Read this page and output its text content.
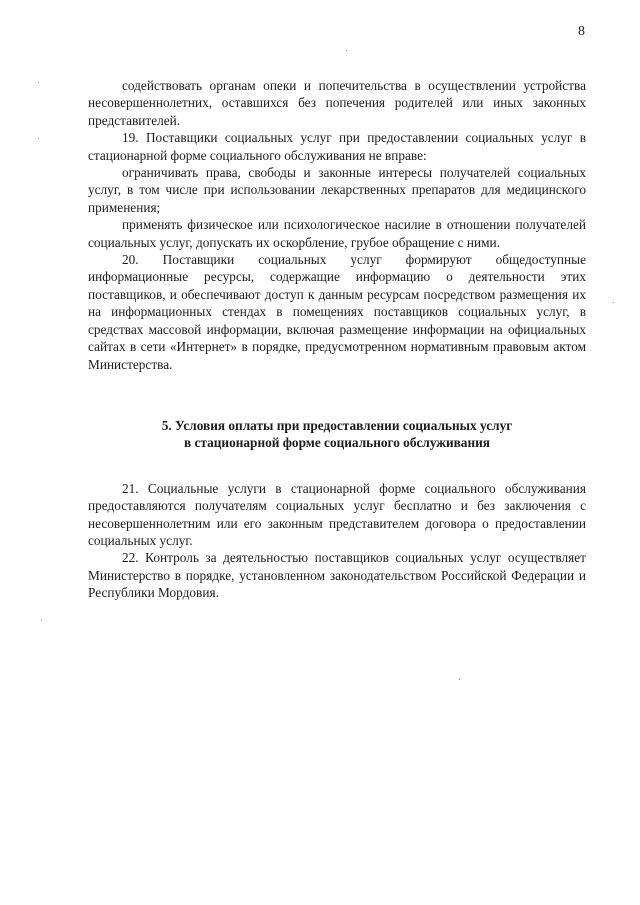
8

содействовать органам опеки и попечительства в осуществлении устройства несовершеннолетних, оставшихся без попечения родителей или иных законных представителей.

19. Поставщики социальных услуг при предоставлении социальных услуг в стационарной форме социального обслуживания не вправе:

ограничивать права, свободы и законные интересы получателей социальных услуг, в том числе при использовании лекарственных препаратов для медицинского применения;

применять физическое или психологическое насилие в отношении получателей социальных услуг, допускать их оскорбление, грубое обращение с ними.

20. Поставщики социальных услуг формируют общедоступные информационные ресурсы, содержащие информацию о деятельности этих поставщиков, и обеспечивают доступ к данным ресурсам посредством размещения их на информационных стендах в помещениях поставщиков социальных услуг, в средствах массовой информации, включая размещение информации на официальных сайтах в сети «Интернет» в порядке, предусмотренном нормативным правовым актом Министерства.

5. Условия оплаты при предоставлении социальных услуг
в стационарной форме социального обслуживания

21. Социальные услуги в стационарной форме социального обслуживания предоставляются получателям социальных услуг бесплатно и без заключения с несовершеннолетним или его законным представителем договора о предоставлении социальных услуг.

22. Контроль за деятельностью поставщиков социальных услуг осуществляет Министерство в порядке, установленном законодательством Российской Федерации и Республики Мордовия.
